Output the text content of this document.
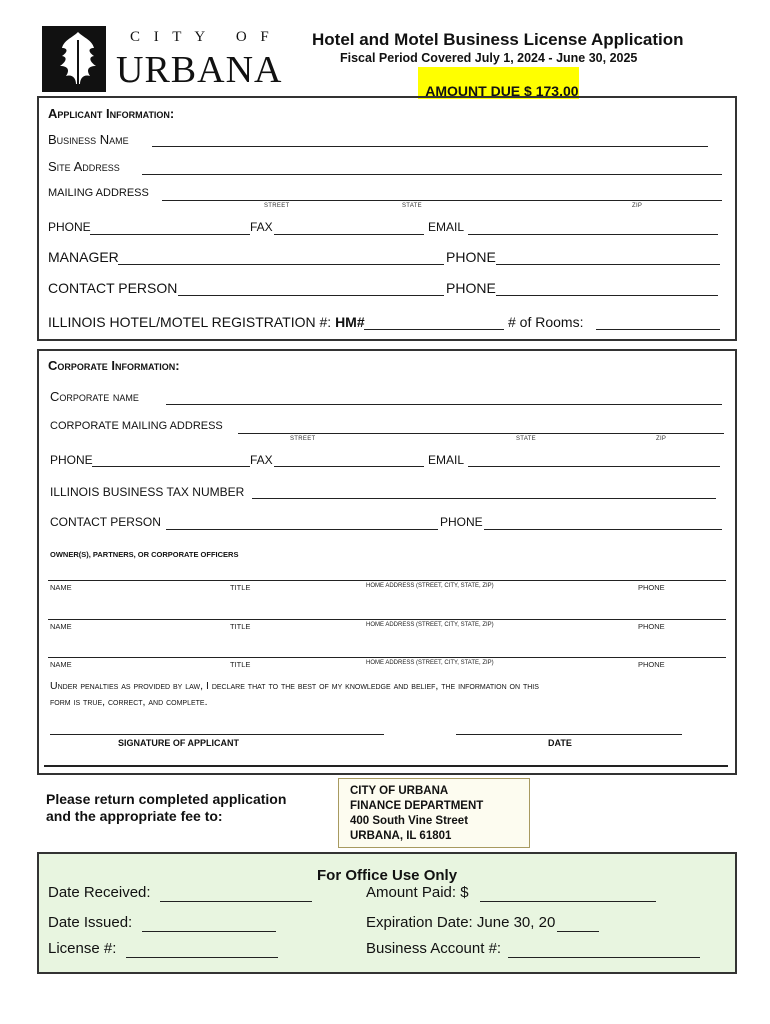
C I T Y   O F
URBANA
Hotel and Motel Business License Application
Fiscal Period Covered July 1, 2024 - June 30, 2025

AMOUNT DUE $ 173.00

Applicant Information:
Business Name
Site Address
MAILING ADDRESS
STREET	STATE	ZIP
PHONE	FAX	EMAIL
MANAGER	PHONE
CONTACT PERSON	PHONE
ILLINOIS HOTEL/MOTEL REGISTRATION #: HM#	# of Rooms:
Corporate Information:
Corporate name
CORPORATE MAILING ADDRESS
STREET	STATE	ZIP
PHONE	FAX	EMAIL
ILLINOIS BUSINESS TAX NUMBER
CONTACT PERSON	PHONE
OWNER(S), PARTNERS, OR CORPORATE OFFICERS
NAME	TITLE	HOME ADDRESS (STREET, CITY, STATE, ZIP)	PHONE
NAME	TITLE	HOME ADDRESS (STREET, CITY, STATE, ZIP)	PHONE
NAME	TITLE	HOME ADDRESS (STREET, CITY, STATE, ZIP)	PHONE
Under penalties as provided by law, I declare that to the best of my knowledge and belief, the information on this
form is true, correct, and complete.
SIGNATURE OF APPLICANT	DATE
Please return completed application
and the appropriate fee to:
CITY OF URBANA
FINANCE DEPARTMENT
400 South Vine Street
URBANA, IL 61801
For Office Use Only
Date Received:	Amount Paid: $
Date Issued:	Expiration Date: June 30, 20
License #:	Business Account #:
